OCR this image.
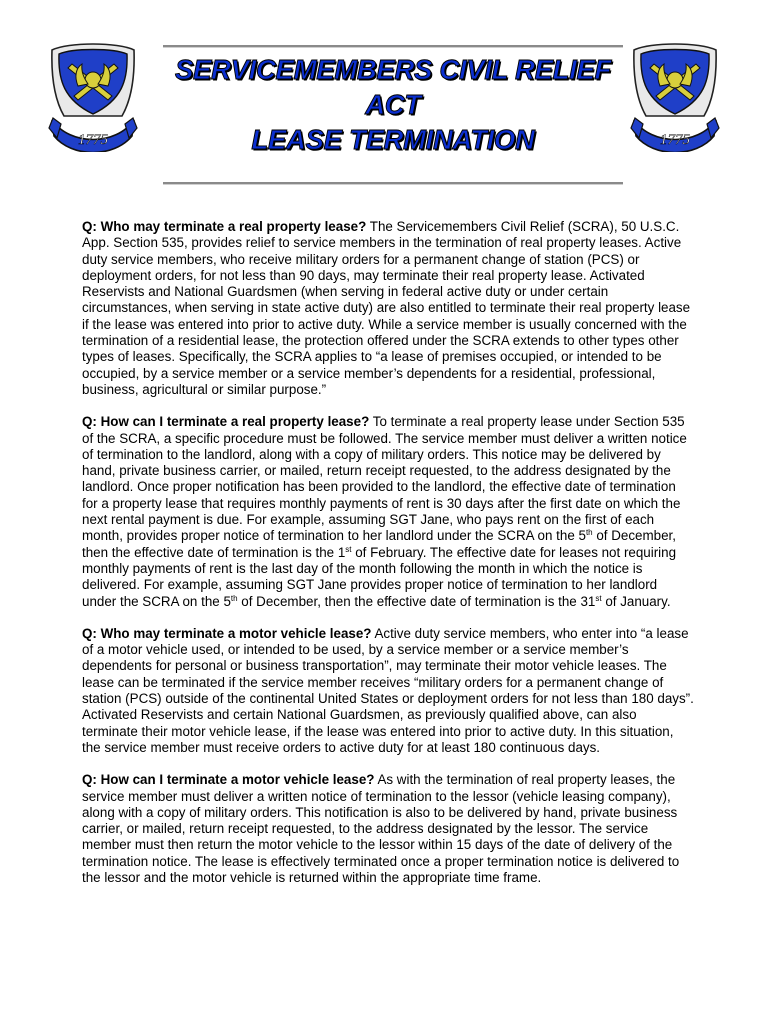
1775	1775
SERVICEMEMBERS CIVIL RELIEF
ACT
LEASE TERMINATION

Q: Who may terminate a real property lease? The Servicemembers Civil Relief (SCRA), 50 U.S.C. App. Section 535, provides relief to service members in the termination of real property leases. Active duty service members, who receive military orders for a permanent change of station (PCS) or deployment orders, for not less than 90 days, may terminate their real property lease. Activated Reservists and National Guardsmen (when serving in federal active duty or under certain circumstances, when serving in state active duty) are also entitled to terminate their real property lease if the lease was entered into prior to active duty. While a service member is usually concerned with the termination of a residential lease, the protection offered under the SCRA extends to other types other types of leases. Specifically, the SCRA applies to “a lease of premises occupied, or intended to be occupied, by a service member or a service member’s dependents for a residential, professional, business, agricultural or similar purpose.”

Q: How can I terminate a real property lease? To terminate a real property lease under Section 535 of the SCRA, a specific procedure must be followed. The service member must deliver a written notice of termination to the landlord, along with a copy of military orders. This notice may be delivered by hand, private business carrier, or mailed, return receipt requested, to the address designated by the landlord. Once proper notification has been provided to the landlord, the effective date of termination for a property lease that requires monthly payments of rent is 30 days after the first date on which the next rental payment is due. For example, assuming SGT Jane, who pays rent on the first of each month, provides proper notice of termination to her landlord under the SCRA on the 5th of December, then the effective date of termination is the 1st of February. The effective date for leases not requiring monthly payments of rent is the last day of the month following the month in which the notice is delivered. For example, assuming SGT Jane provides proper notice of termination to her landlord under the SCRA on the 5th of December, then the effective date of termination is the 31st of January.

Q: Who may terminate a motor vehicle lease? Active duty service members, who enter into “a lease of a motor vehicle used, or intended to be used, by a service member or a service member’s dependents for personal or business transportation”, may terminate their motor vehicle leases. The lease can be terminated if the service member receives “military orders for a permanent change of station (PCS) outside of the continental United States or deployment orders for not less than 180 days”. Activated Reservists and certain National Guardsmen, as previously qualified above, can also terminate their motor vehicle lease, if the lease was entered into prior to active duty. In this situation, the service member must receive orders to active duty for at least 180 continuous days.

Q: How can I terminate a motor vehicle lease? As with the termination of real property leases, the service member must deliver a written notice of termination to the lessor (vehicle leasing company), along with a copy of military orders. This notification is also to be delivered by hand, private business carrier, or mailed, return receipt requested, to the address designated by the lessor. The service member must then return the motor vehicle to the lessor within 15 days of the date of delivery of the termination notice. The lease is effectively terminated once a proper termination notice is delivered to the lessor and the motor vehicle is returned within the appropriate time frame.
